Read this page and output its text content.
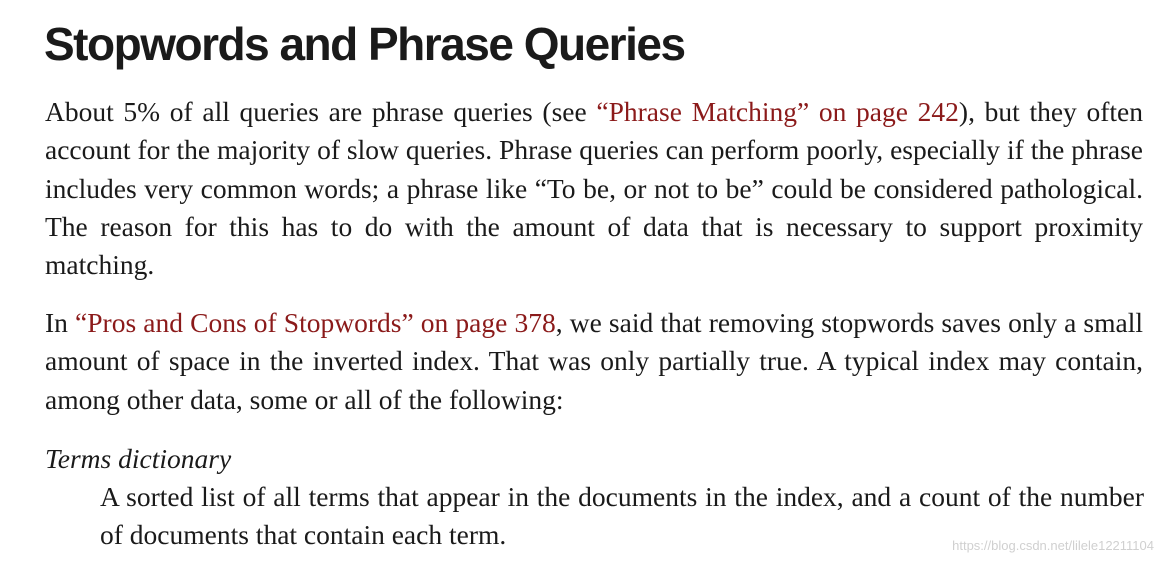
Stopwords and Phrase Queries

About 5% of all queries are phrase queries (see “Phrase Matching” on page 242), but they often account for the majority of slow queries. Phrase queries can perform poorly, especially if the phrase includes very common words; a phrase like “To be, or not to be” could be considered pathological. The reason for this has to do with the amount of data that is necessary to support proximity matching.

In “Pros and Cons of Stopwords” on page 378, we said that removing stopwords saves only a small amount of space in the inverted index. That was only partially true. A typical index may contain, among other data, some or all of the following:

Terms dictionary

A sorted list of all terms that appear in the documents in the index, and a count of the number of documents that contain each term.	https://blog.csdn.net/lilele12211104
